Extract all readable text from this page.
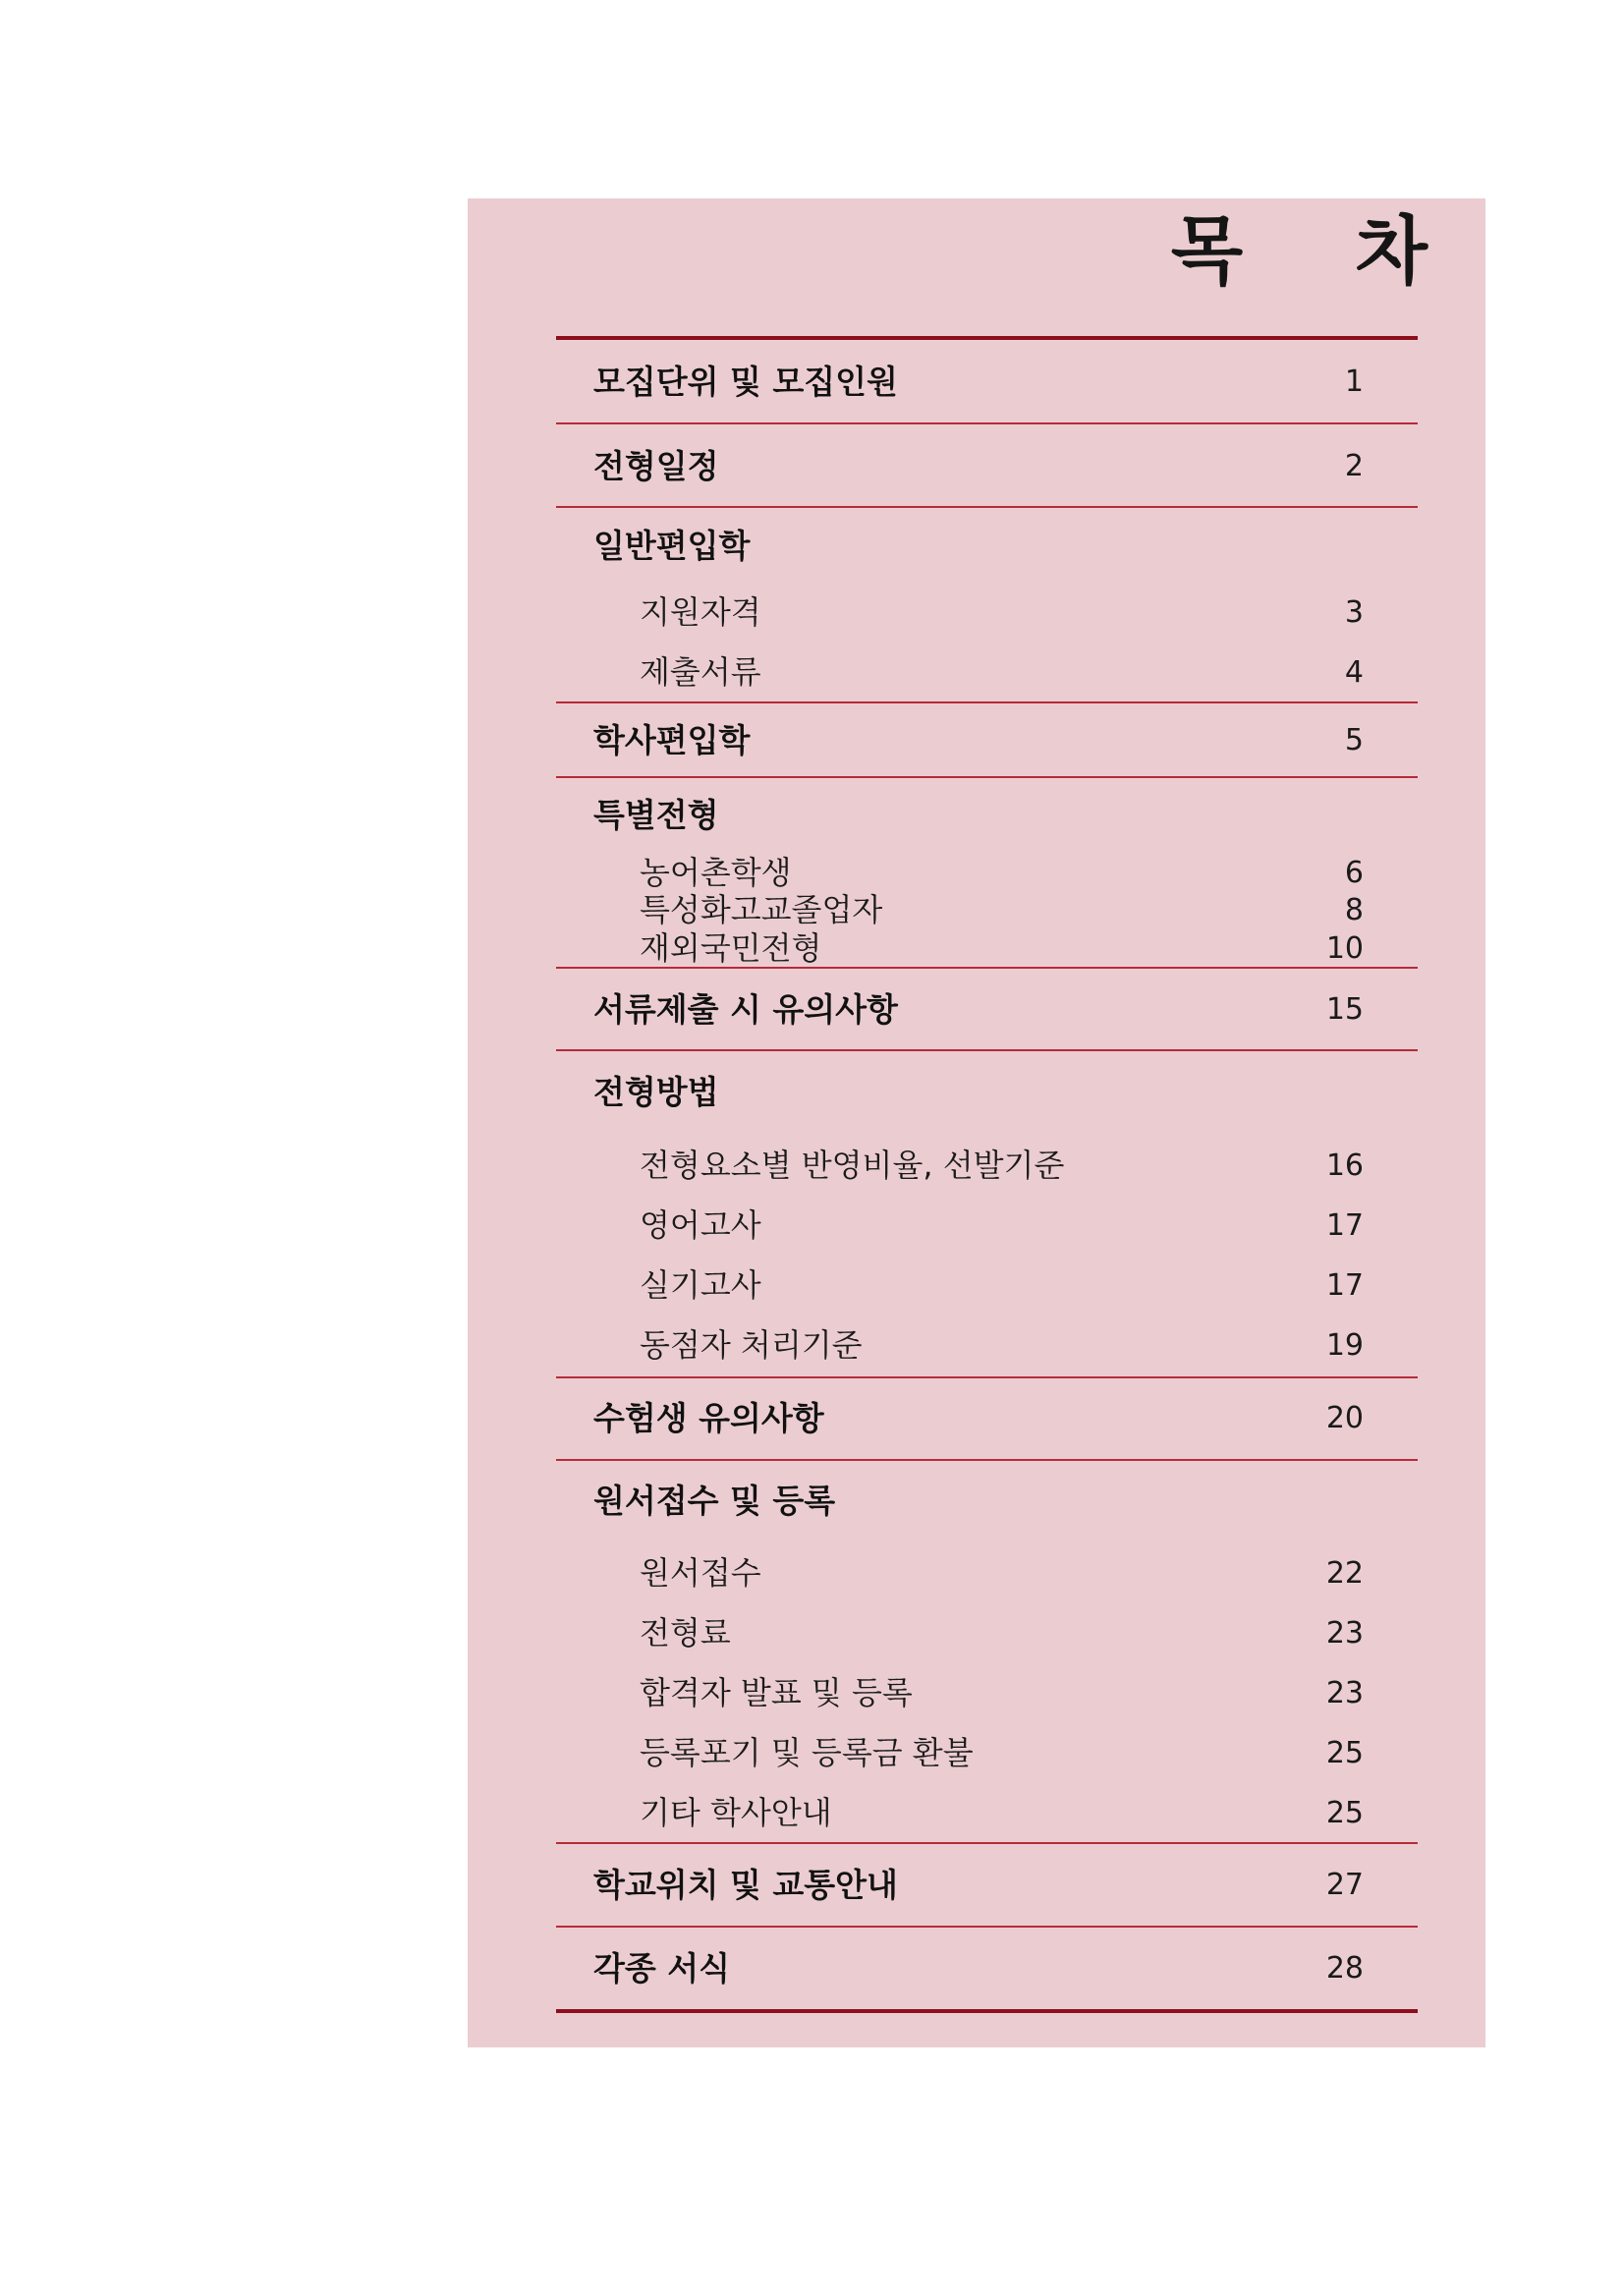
목 차
모집단위 및 모집인원	1
전형일정	2
일반편입학
지원자격	3
제출서류	4
학사편입학	5
특별전형
농어촌학생	6
특성화고교졸업자	8
재외국민전형	10
서류제출 시 유의사항	15
전형방법
전형요소별 반영비율, 선발기준	16
영어고사	17
실기고사	17
동점자 처리기준	19
수험생 유의사항	20
원서접수 및 등록
원서접수	22
전형료	23
합격자 발표 및 등록	23
등록포기 및 등록금 환불	25
기타 학사안내	25
학교위치 및 교통안내	27
각종 서식	28
